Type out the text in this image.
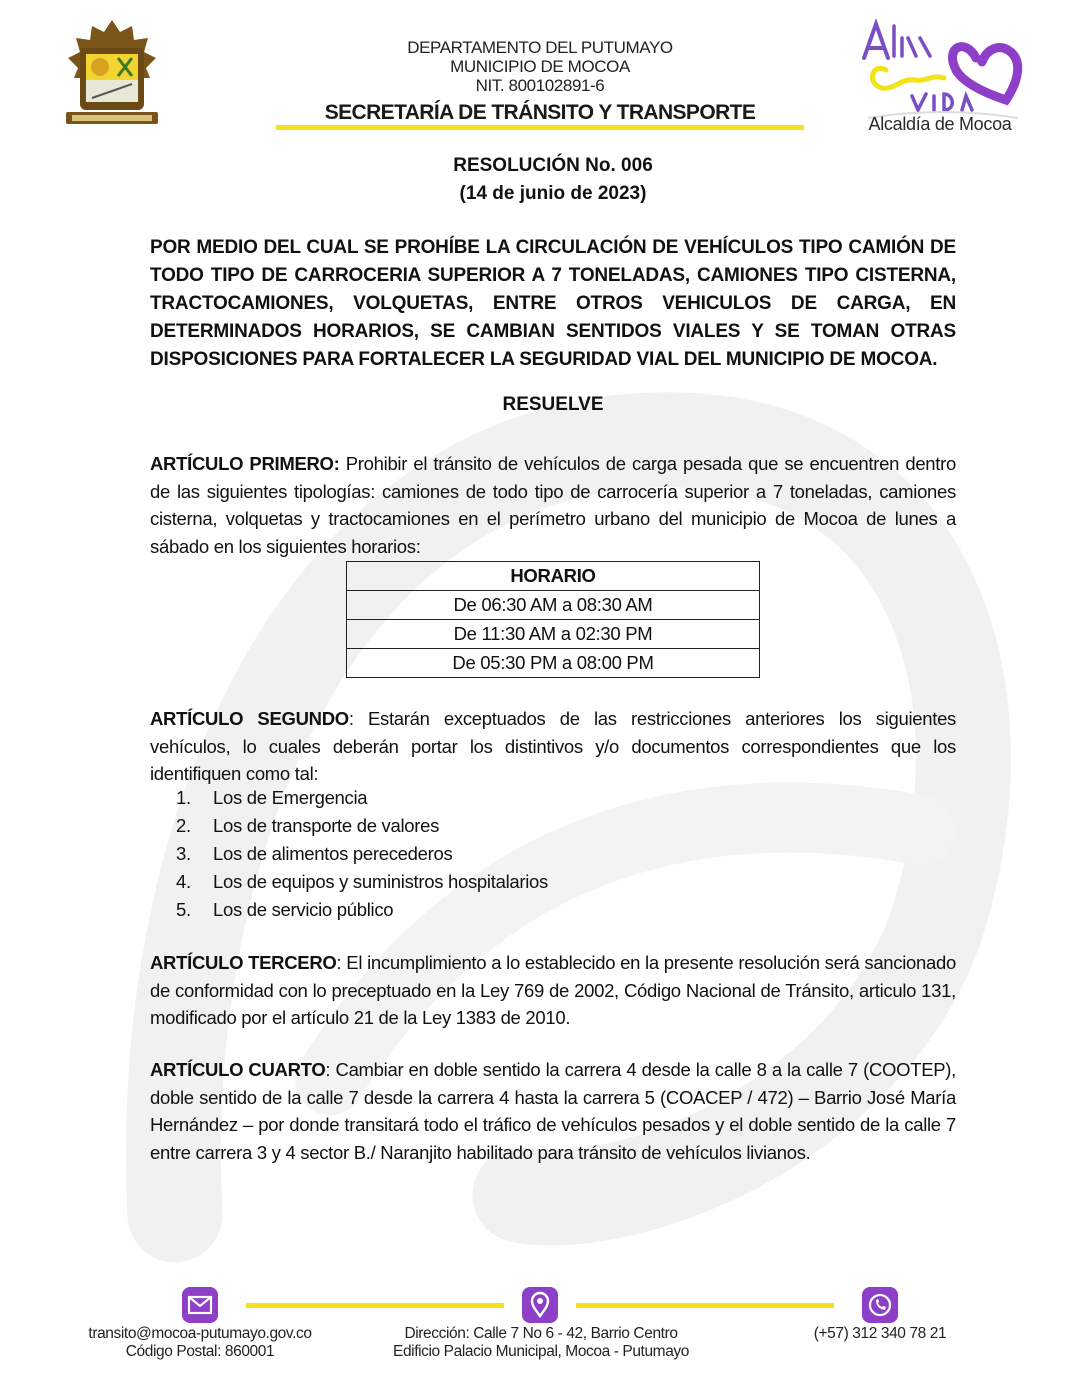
DEPARTAMENTO DEL PUTUMAYO
MUNICIPIO DE MOCOA
NIT. 800102891-6
SECRETARÍA DE TRÁNSITO Y TRANSPORTE	Alcaldía de Mocoa
RESOLUCIÓN No. 006
(14 de junio de 2023)
POR MEDIO DEL CUAL SE PROHÍBE LA CIRCULACIÓN DE VEHÍCULOS TIPO CAMIÓN DE TODO TIPO DE CARROCERIA SUPERIOR A 7 TONELADAS, CAMIONES TIPO CISTERNA, TRACTOCAMIONES, VOLQUETAS, ENTRE OTROS VEHICULOS DE CARGA, EN DETERMINADOS HORARIOS, SE CAMBIAN SENTIDOS VIALES Y SE TOMAN OTRAS DISPOSICIONES PARA FORTALECER LA SEGURIDAD VIAL DEL MUNICIPIO DE MOCOA.
RESUELVE
ARTÍCULO PRIMERO: Prohibir el tránsito de vehículos de carga pesada que se encuentren dentro de las siguientes tipologías: camiones de todo tipo de carrocería superior a 7 toneladas, camiones cisterna, volquetas y tractocamiones en el perímetro urbano del municipio de Mocoa de lunes a sábado en los siguientes horarios:
HORARIO
De 06:30 AM a 08:30 AM
De 11:30 AM a 02:30 PM
De 05:30 PM a 08:00 PM
ARTÍCULO SEGUNDO: Estarán exceptuados de las restricciones anteriores los siguientes vehículos, lo cuales deberán portar los distintivos y/o documentos correspondientes que los identifiquen como tal:
1.	Los de Emergencia
2.	Los de transporte de valores
3.	Los de alimentos perecederos
4.	Los de equipos y suministros hospitalarios
5.	Los de servicio público
ARTÍCULO TERCERO: El incumplimiento a lo establecido en la presente resolución será sancionado de conformidad con lo preceptuado en la Ley 769 de 2002, Código Nacional de Tránsito, articulo 131, modificado por el artículo 21 de la Ley 1383 de 2010.
ARTÍCULO CUARTO: Cambiar en doble sentido la carrera 4 desde la calle 8 a la calle 7 (COOTEP), doble sentido de la calle 7 desde la carrera 4 hasta la carrera 5 (COACEP / 472) – Barrio José María Hernández – por donde transitará todo el tráfico de vehículos pesados y el doble sentido de la calle 7 entre carrera 3 y 4 sector B./ Naranjito habilitado para tránsito de vehículos livianos.
transito@mocoa-putumayo.gov.co
Código Postal: 860001
Dirección: Calle 7 No 6 - 42, Barrio Centro
Edificio Palacio Municipal, Mocoa - Putumayo
(+57) 312 340 78 21
